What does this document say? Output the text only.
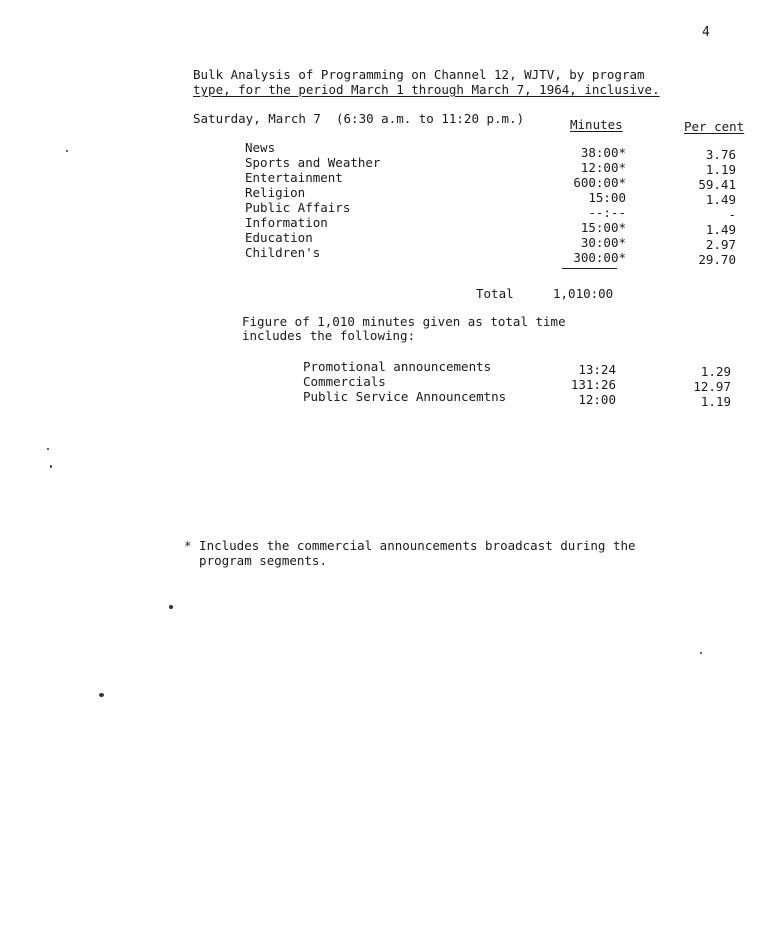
4
Bulk Analysis of Programming on Channel 12, WJTV, by program
type, for the period March 1 through March 7, 1964, inclusive.
Saturday, March 7  (6:30 a.m. to 11:20 p.m.)	Minutes	Per cent
News	38:00*	3.76
Sports and Weather	12:00*	1.19
Entertainment	600:00*	59.41
Religion	15:00	1.49
Public Affairs	--:--	-
Information	15:00*	1.49
Education	30:00*	2.97
Children's	300:00*	29.70
Total	1,010:00
Figure of 1,010 minutes given as total time
includes the following:
Promotional announcements	13:24	1.29
Commercials	131:26	12.97
Public Service Announcemtns	12:00	1.19
* Includes the commercial announcements broadcast during the
program segments.
